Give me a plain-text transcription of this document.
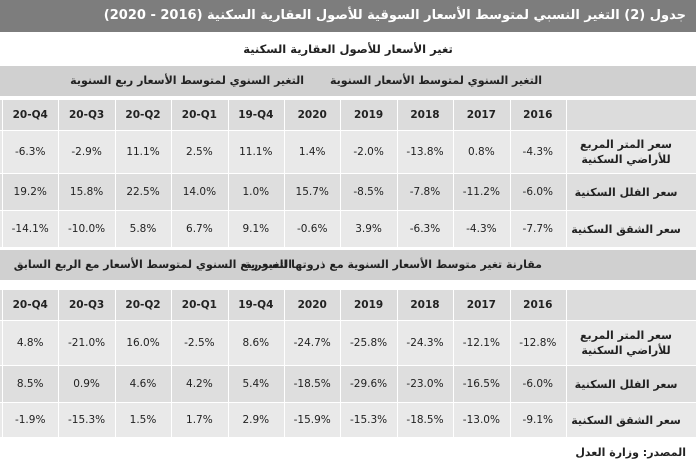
جدول (2) التغير النسبي لمتوسط الأسعار السوقية للأصول العقارية السكنية (2016 - 2020)
تغير الأسعار للأصول العقارية السكنية
التغير السنوي لمتوسط الأسعار السنوية
التغير السنوي لمتوسط الأسعار ربع السنوية
2016
2017
2018
2019
2020
19-Q4
20-Q1
20-Q2
20-Q3
20-Q4
سعر المتر المربع للأراضي السكنية
-4.3%
0.8%
-13.8%
-2.0%
1.4%
11.1%
2.5%
11.1%
-2.9%
-6.3%
سعر الفلل السكنية
-6.0%
-11.2%
-7.8%
-8.5%
15.7%
1.0%
14.0%
22.5%
15.8%
19.2%
سعر الشقق السكنية
-7.7%
-4.3%
-6.3%
3.9%
-0.6%
9.1%
6.7%
5.8%
-10.0%
-14.1%
مقارنة تغير متوسط الأسعار السنوية مع ذروتها السعرية
التغير ربع السنوي لمتوسط الأسعار مع الربع السابق
2016
2017
2018
2019
2020
19-Q4
20-Q1
20-Q2
20-Q3
20-Q4
سعر المتر المربع للأراضي السكنية
-12.8%
-12.1%
-24.3%
-25.8%
-24.7%
8.6%
-2.5%
16.0%
-21.0%
4.8%
سعر الفلل السكنية
-6.0%
-16.5%
-23.0%
-29.6%
-18.5%
5.4%
4.2%
4.6%
0.9%
8.5%
سعر الشقق السكنية
-9.1%
-13.0%
-18.5%
-15.3%
-15.9%
2.9%
1.7%
1.5%
-15.3%
-1.9%
المصدر: وزارة العدل
